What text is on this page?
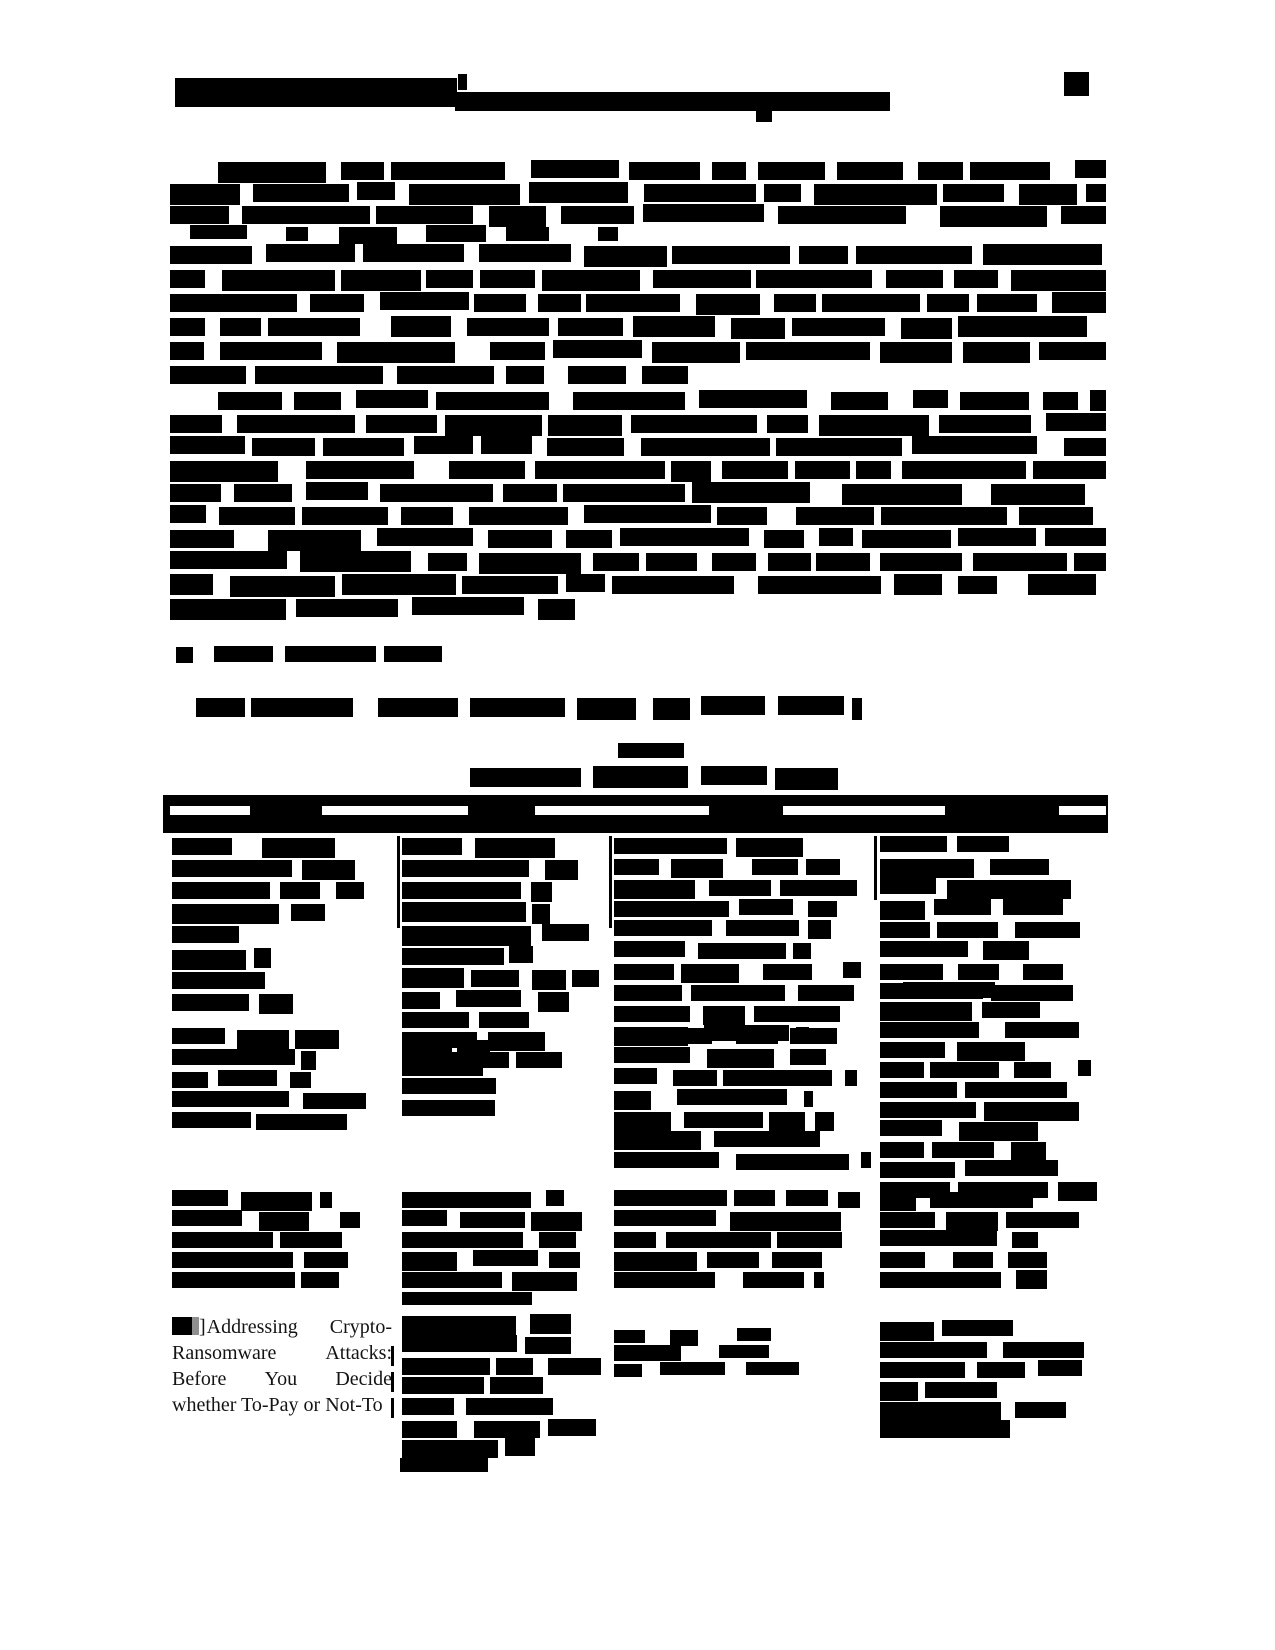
] Addressing Crypto-
Ransomware Attacks:
Before You Decide
whether To-Pay or Not-To
